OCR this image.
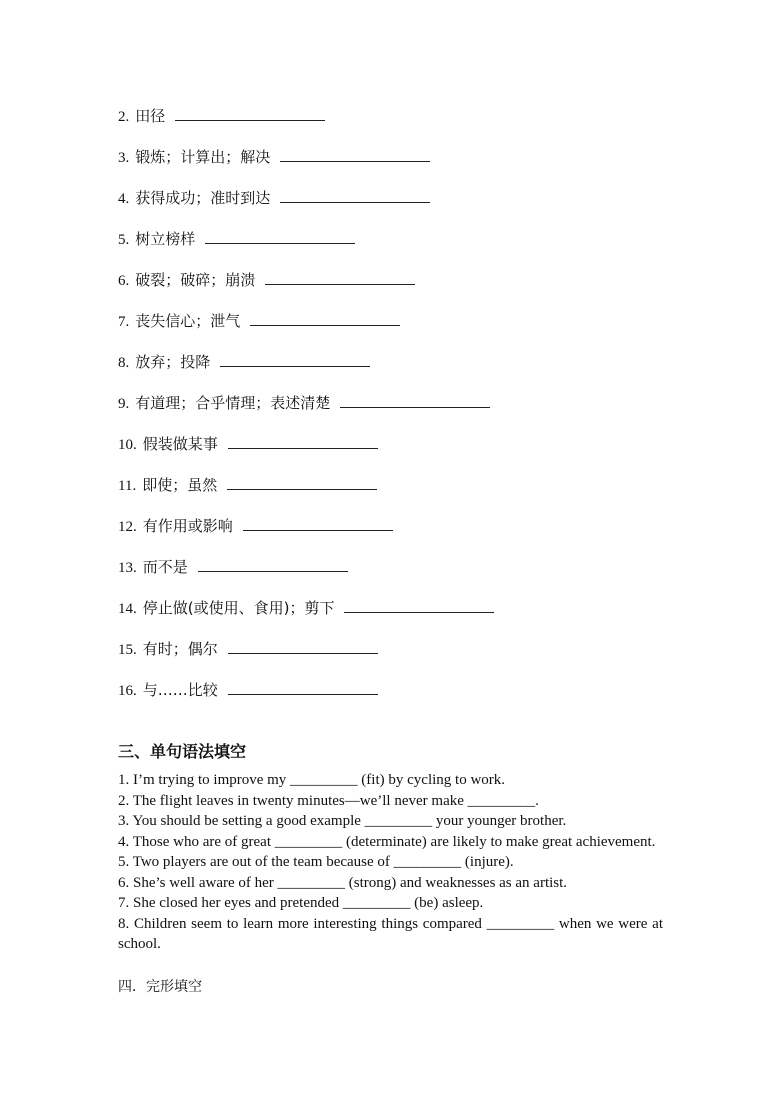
2. 田径
3. 锻炼；计算出；解决
4. 获得成功；准时到达
5. 树立榜样
6. 破裂；破碎；崩溃
7. 丧失信心；泄气
8. 放弃；投降
9. 有道理；合乎情理；表述清楚
10. 假装做某事
11. 即使；虽然
12. 有作用或影响
13. 而不是
14. 停止做(或使用、食用)；剪下
15. 有时；偶尔
16. 与……比较
三、单句语法填空

1. I’m trying to improve my _________ (fit) by cycling to work.

2. The flight leaves in twenty minutes—we’ll never make _________.

3. You should be setting a good example _________ your younger brother.

4. Those who are of great _________ (determinate) are likely to make great achievement.

5. Two players are out of the team because of _________ (injure).

6. She’s well aware of her _________ (strong) and weaknesses as an artist.

7. She closed her eyes and pretended _________ (be) asleep.

8. Children seem to learn more interesting things compared _________ when we were at school.

四．完形填空
